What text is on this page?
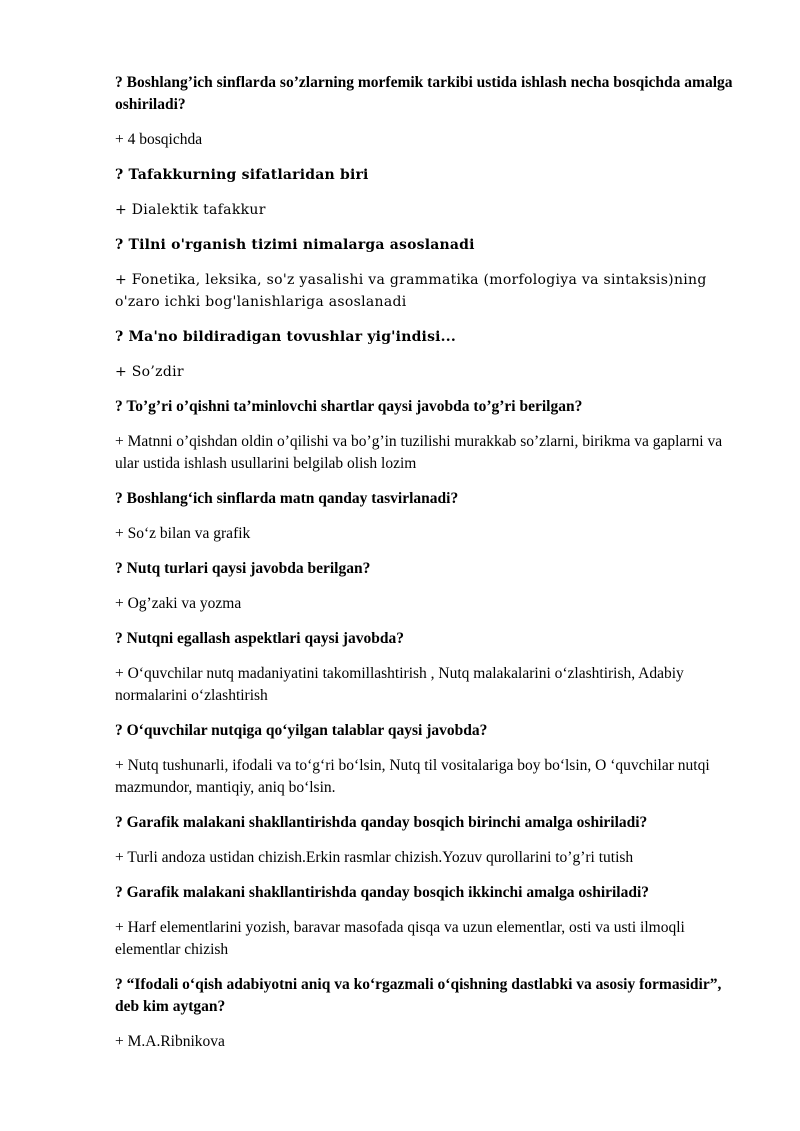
? Boshlang’ich sinflarda so’zlarning morfemik tarkibi ustida ishlash necha bosqichda amalga oshiriladi?

+ 4 bosqichda

? Tafakkurning sifatlaridan biri

+ Dialektik tafakkur

? Tilni o'rganish tizimi nimalarga asoslanadi

+ Fonetika, leksika, so'z yasalishi va grammatika (morfologiya va sintaksis)ning o'zaro ichki bog'lanishlariga asoslanadi

? Ma'no bildiradigan tovushlar yig'indisi...

+ So’zdir

? To’g’ri o’qishni ta’minlovchi shartlar qaysi javobda to’g’ri berilgan?

+ Matnni o’qishdan oldin o’qilishi va bo’g’in tuzilishi murakkab so’zlarni, birikma va gaplarni va ular ustida ishlash usullarini belgilab olish lozim

? Boshlang‘ich sinflarda matn qanday tasvirlanadi?

+ So‘z bilan va grafik

? Nutq turlari qaysi javobda berilgan?

+ Og’zaki va yozma

? Nutqni egallash aspektlari qaysi javobda?

+ O‘quvchilar nutq madaniyatini takomillashtirish , Nutq malakalarini o‘zlashtirish, Adabiy normalarini o‘zlashtirish

? O‘quvchilar nutqiga qo‘yilgan talablar qaysi javobda?

+ Nutq tushunarli, ifodali va to‘g‘ri bo‘lsin, Nutq til vositalariga boy bo‘lsin, O ‘quvchilar nutqi mazmundor, mantiqiy, aniq bo‘lsin.

? Garafik malakani shakllantirishda qanday bosqich birinchi amalga oshiriladi?

+ Turli andoza ustidan chizish.Erkin rasmlar chizish.Yozuv qurollarini to’g’ri tutish

? Garafik malakani shakllantirishda qanday bosqich ikkinchi amalga oshiriladi?

+ Harf elementlarini yozish, baravar masofada qisqa va uzun elementlar, osti va usti ilmoqli elementlar chizish

? “Ifodali o‘qish adabiyotni aniq va ko‘rgazmali o‘qishning dastlabki va asosiy formasidir”, deb kim aytgan?

+ M.A.Ribnikova
